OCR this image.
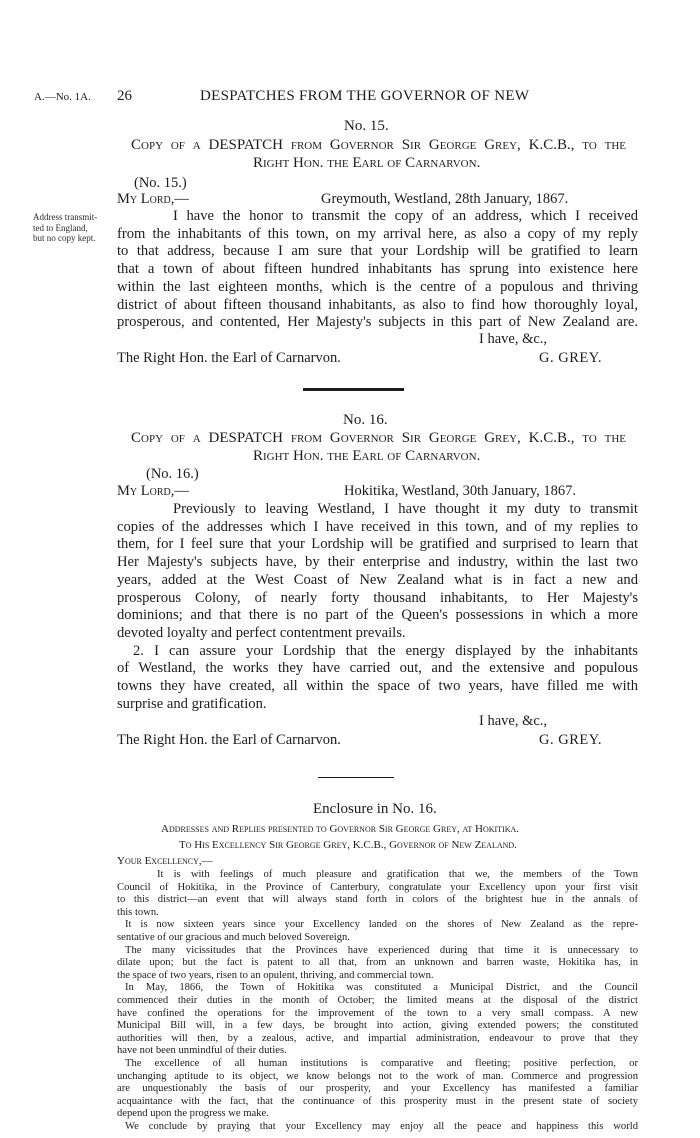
A.—No. 1A. 26	DESPATCHES FROM THE GOVERNOR OF NEW
No. 15.
Copy of a DESPATCH from Governor Sir George Grey, K.C.B., to the
Right Hon. the Earl of Carnarvon.
(No. 15.)
My Lord,—	Greymouth, Westland, 28th January, 1867.
Address transmit-
ted to England,
but no copy kept.
I have the honor to transmit the copy of an address, which I received
from the inhabitants of this town, on my arrival here, as also a copy of my reply
to that address, because I am sure that your Lordship will be gratified to learn
that a town of about fifteen hundred inhabitants has sprung into existence here
within the last eighteen months, which is the centre of a populous and thriving
district of about fifteen thousand inhabitants, as also to find how thoroughly loyal,
prosperous, and contented, Her Majesty's subjects in this part of New Zealand are.
I have, &c.,
The Right Hon. the Earl of Carnarvon.	G. GREY.
No. 16.
Copy of a DESPATCH from Governor Sir George Grey, K.C.B., to the
Right Hon. the Earl of Carnarvon.
(No. 16.)
My Lord,—	Hokitika, Westland, 30th January, 1867.
Previously to leaving Westland, I have thought it my duty to transmit
copies of the addresses which I have received in this town, and of my replies to
them, for I feel sure that your Lordship will be gratified and surprised to learn that
Her Majesty's subjects have, by their enterprise and industry, within the last two
years, added at the West Coast of New Zealand what is in fact a new and
prosperous Colony, of nearly forty thousand inhabitants, to Her Majesty's
dominions; and that there is no part of the Queen's possessions in which a more
devoted loyalty and perfect contentment prevails.
2. I can assure your Lordship that the energy displayed by the inhabitants
of Westland, the works they have carried out, and the extensive and populous
towns they have created, all within the space of two years, have filled me with
surprise and gratification.
I have, &c.,
The Right Hon. the Earl of Carnarvon.	G. GREY.
Enclosure in No. 16.
Addresses and Replies presented to Governor Sir George Grey, at Hokitika.
To His Excellency Sir George Grey, K.C.B., Governor of New Zealand.
Your Excellency,—
It is with feelings of much pleasure and gratification that we, the members of the Town
Council of Hokitika, in the Province of Canterbury, congratulate your Excellency upon your first visit
to this district—an event that will always stand forth in colors of the brightest hue in the annals of
this town.
It is now sixteen years since your Excellency landed on the shores of New Zealand as the repre-
sentative of our gracious and much beloved Sovereign.
The many vicissitudes that the Provinces have experienced during that time it is unnecessary to
dilate upon; but the fact is patent to all that, from an unknown and barren waste, Hokitika has, in
the space of two years, risen to an opulent, thriving, and commercial town.
In May, 1866, the Town of Hokitika was constituted a Municipal District, and the Council
commenced their duties in the month of October; the limited means at the disposal of the district
have confined the operations for the improvement of the town to a very small compass. A new
Municipal Bill will, in a few days, be brought into action, giving extended powers; the constituted
authorities will then, by a zealous, active, and impartial administration, endeavour to prove that they
have not been unmindful of their duties.
The excellence of all human institutions is comparative and fleeting; positive perfection, or
unchanging aptitude to its object, we know belongs not to the work of man. Commerce and progression
are unquestionably the basis of our prosperity, and your Excellency has manifested a familiar
acquaintance with the fact, that the continuance of this prosperity must in the present state of society
depend upon the progress we make.
We conclude by praying that your Excellency may enjoy all the peace and happiness this world
